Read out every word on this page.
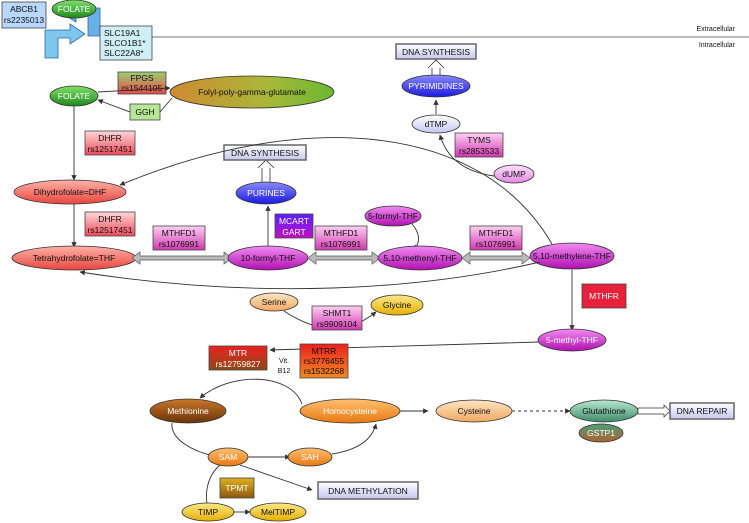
Extracellular
Intracellular
ABCB1
rs2235013
SLC19A1
SLCO1B1*
SLC22A8*
FOLATE
FOLATE
FPGS
rs1544105	Folyl-poly-gamma-glutamate
GGH
DHFR
rs12517451
Dihydrofolate=DHF
DHFR
rs12517451
Tetrahydrofolate=THF
MTHFD1
rs1076991
10-formyl-THF
MCART
GART
PURINES
DNA SYNTHESIS
MTHFD1
rs1076991
5-formyl-THF
5,10-methenyl-THF
MTHFD1
rs1076991
5,10-methylene-THF
DNA SYNTHESIS
PYRIMIDINES
dTMP
TYMS
rs2853533
dUMP
MTHFR
5-methyl-THF
Serine	Glycine
SHMT1
rs9909104
MTR
rs12759827	Vit.
B12
MTRR
rs3776455
rs1532268
Methionine	Homocysteine	Cysteine	Glutathione
GSTP1
DNA REPAIR
SAM	SAH
DNA METHYLATION
TPMT
TIMP	MelTIMP
